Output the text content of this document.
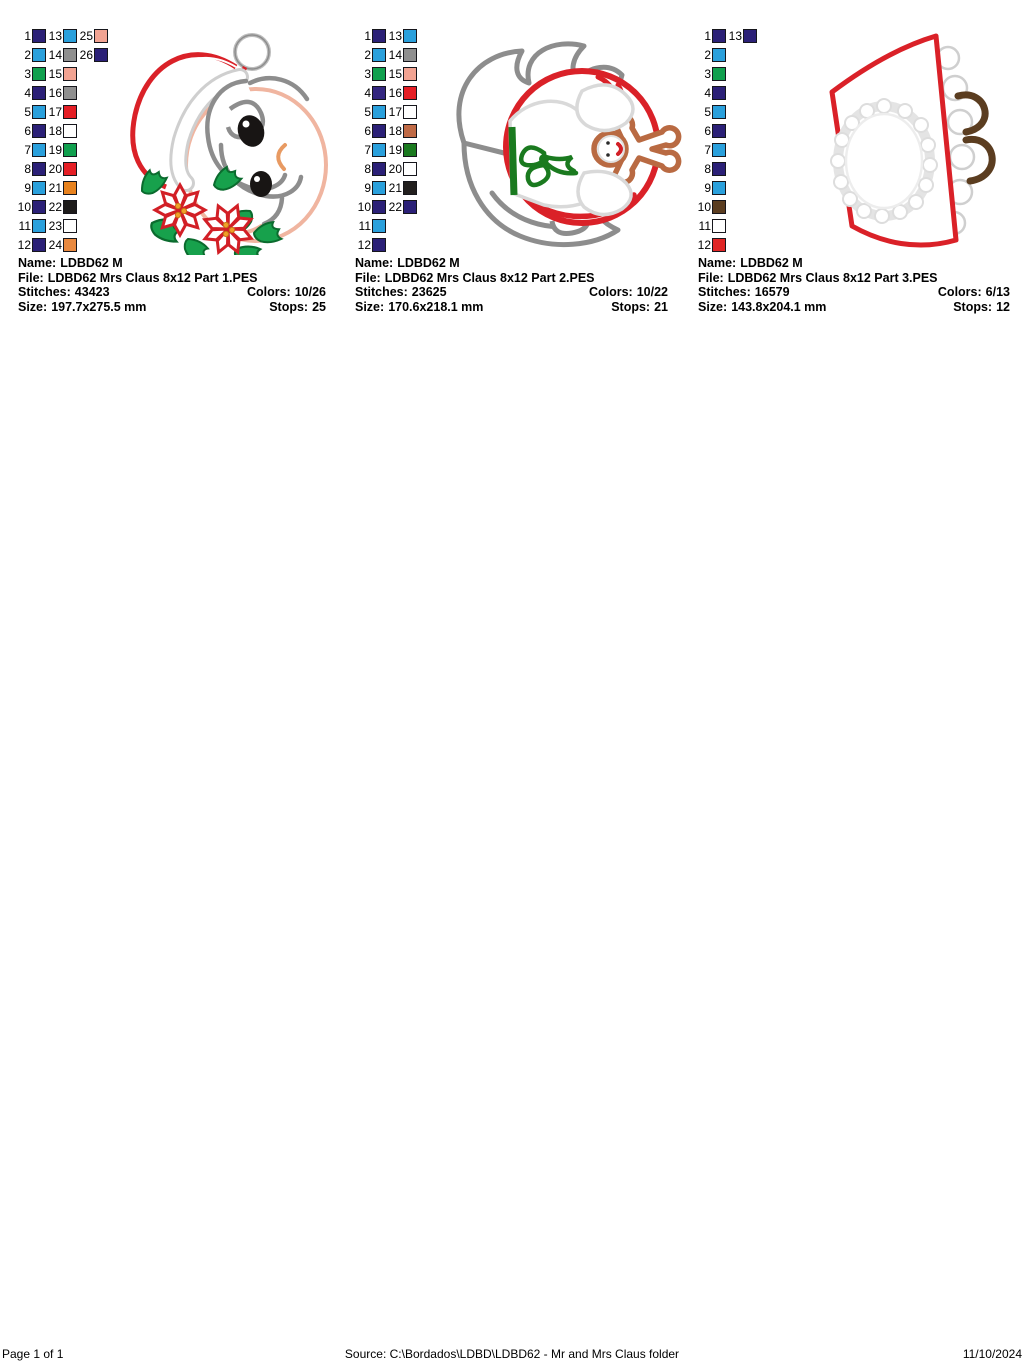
1
2
3
4
5
6
7
8
9
10
11
12
13
14
15
16
17
18
19
20
21
22
23
24
25
26
Name: LDBD62 M
File: LDBD62 Mrs Claus 8x12 Part 1.PES
Stitches: 43423	Colors: 10/26
Size: 197.7x275.5 mm	Stops: 25
1
2
3
4
5
6
7
8
9
10
11
12
13
14
15
16
17
18
19
20
21
22
Name: LDBD62 M
File: LDBD62 Mrs Claus 8x12 Part 2.PES
Stitches: 23625	Colors: 10/22
Size: 170.6x218.1 mm	Stops: 21
1
2
3
4
5
6
7
8
9
10
11
12
13
Name: LDBD62 M
File: LDBD62 Mrs Claus 8x12 Part 3.PES
Stitches: 16579	Colors: 6/13
Size: 143.8x204.1 mm	Stops: 12
Page 1 of 1	Source: C:\Bordados\LDBD\LDBD62 - Mr and Mrs Claus folder	11/10/2024
